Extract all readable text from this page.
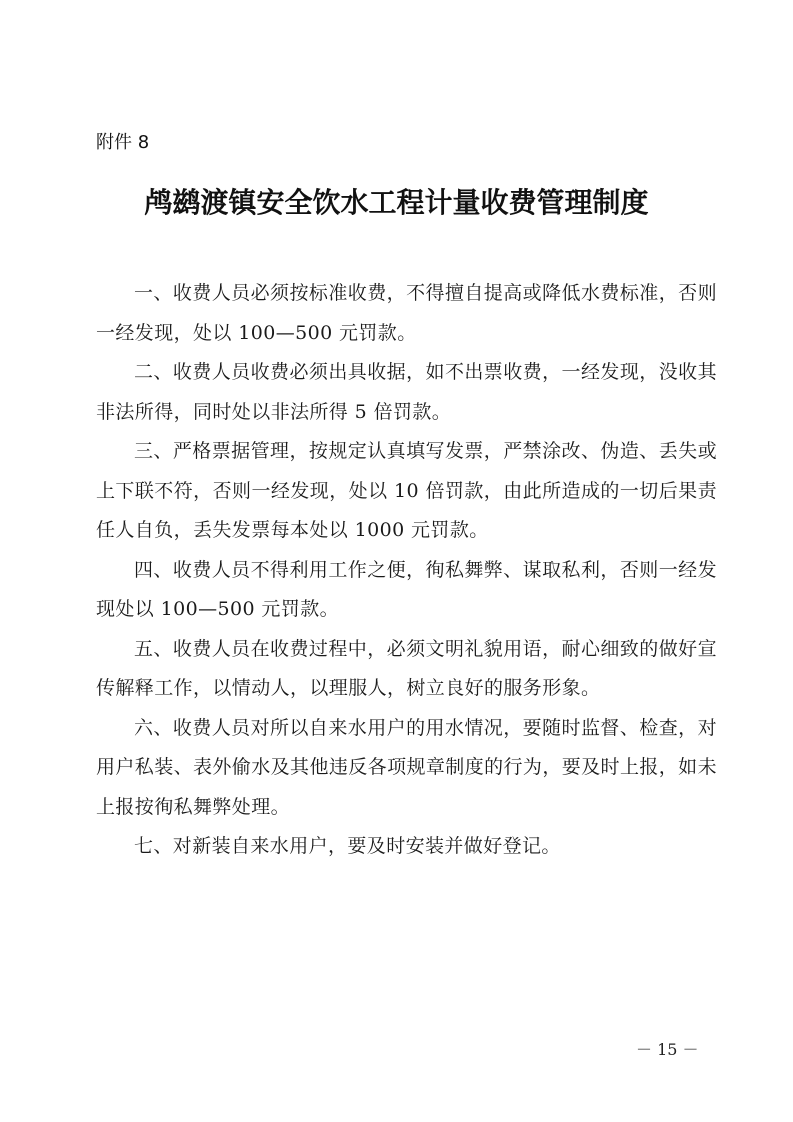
附件 8
鸬鹚渡镇安全饮水工程计量收费管理制度

一、收费人员必须按标准收费，不得擅自提高或降低水费标准，否则一经发现，处以 100—500 元罚款。

二、收费人员收费必须出具收据，如不出票收费，一经发现，没收其非法所得，同时处以非法所得 5 倍罚款。

三、严格票据管理，按规定认真填写发票，严禁涂改、伪造、丢失或上下联不符，否则一经发现，处以 10 倍罚款，由此所造成的一切后果责任人自负，丢失发票每本处以 1000 元罚款。

四、收费人员不得利用工作之便，徇私舞弊、谋取私利，否则一经发现处以 100—500 元罚款。

五、收费人员在收费过程中，必须文明礼貌用语，耐心细致的做好宣传解释工作，以情动人，以理服人，树立良好的服务形象。

六、收费人员对所以自来水用户的用水情况，要随时监督、检查，对用户私装、表外偷水及其他违反各项规章制度的行为，要及时上报，如未上报按徇私舞弊处理。

七、对新装自来水用户，要及时安装并做好登记。

－ 15 －
